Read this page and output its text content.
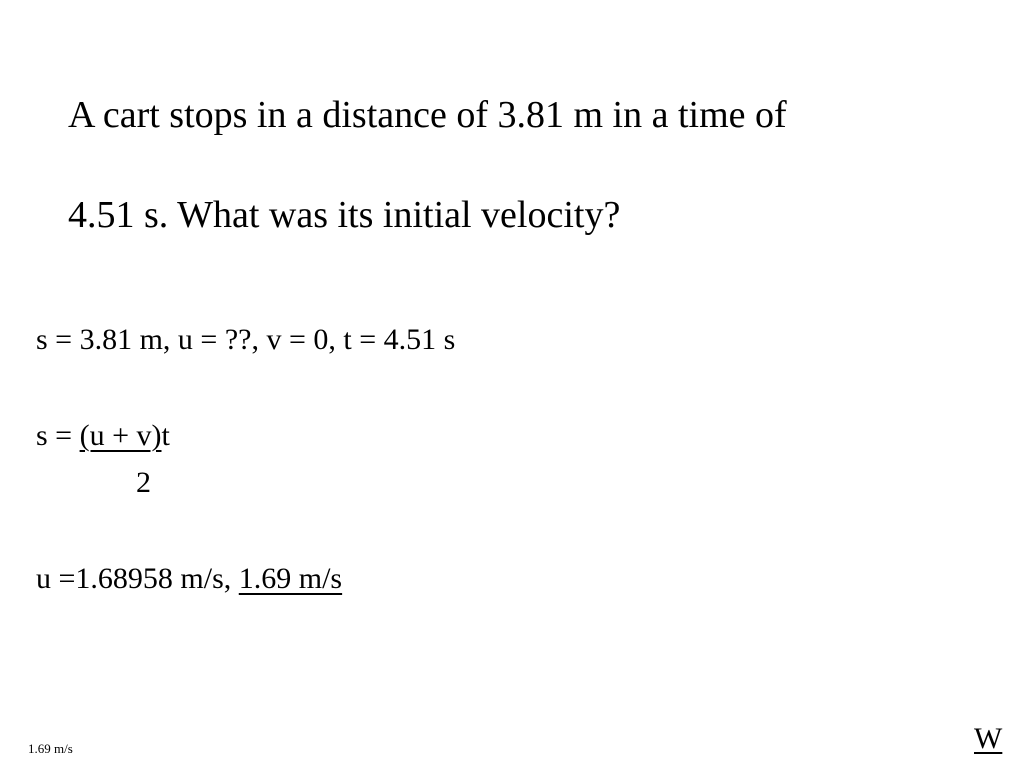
A cart stops in a distance of 3.81 m in a time of

4.51 s. What was its initial velocity?

s = 3.81 m, u = ??, v = 0, t = 4.51 s
s = (u + v)t
2
u =1.68958 m/s, 1.69 m/s
1.69 m/s	W
